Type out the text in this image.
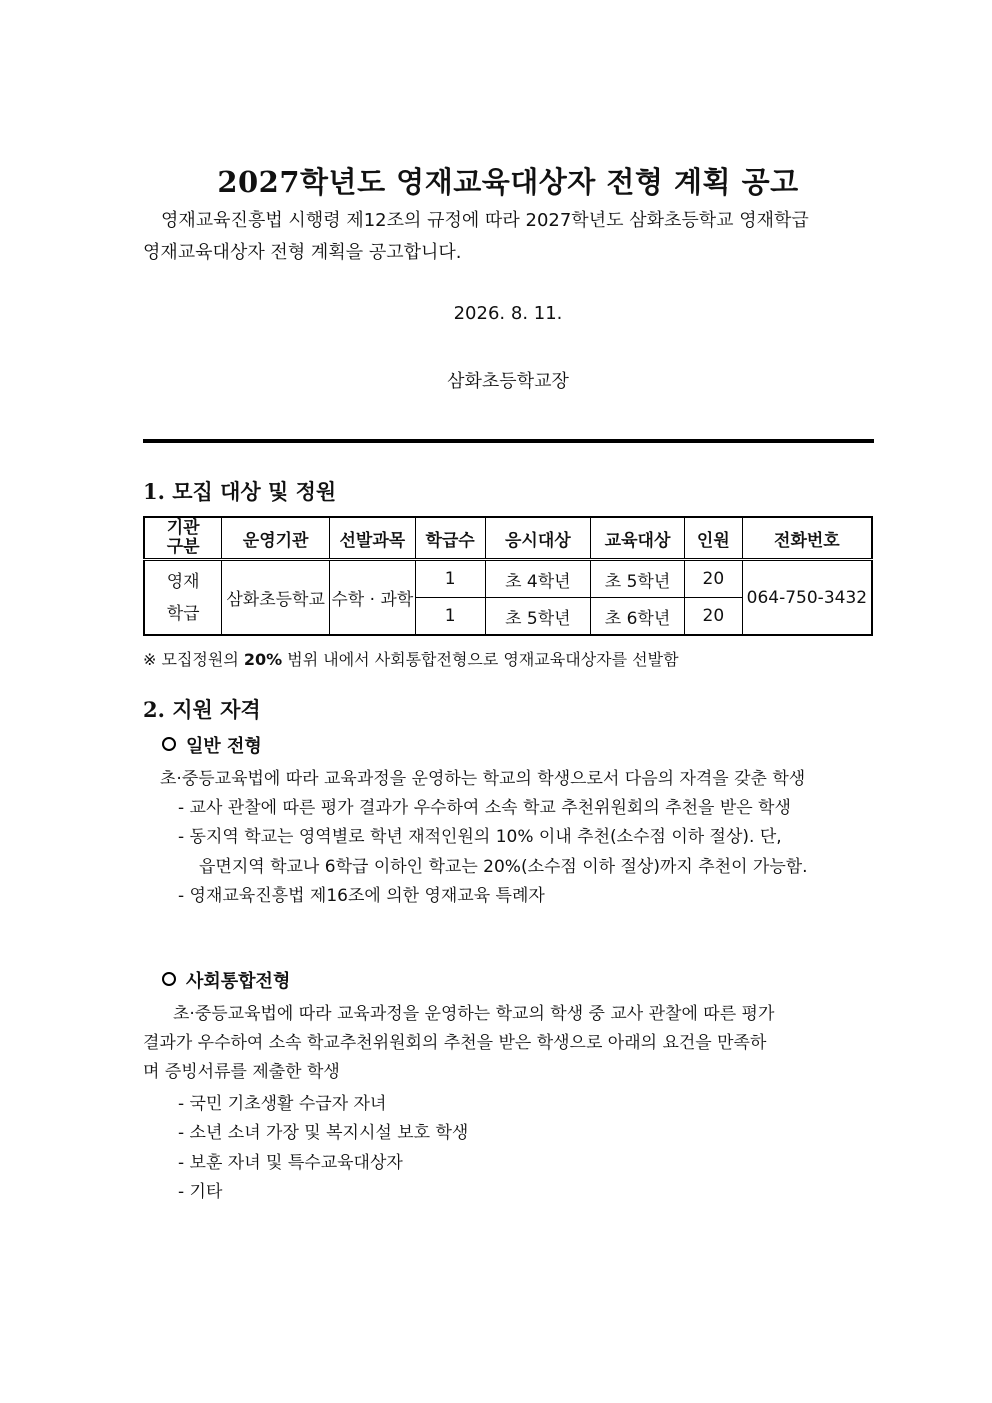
2027학년도 영재교육대상자 전형 계획 공고
영재교육진흥법 시행령 제12조의 규정에 따라 2027학년도 삼화초등학교 영재학급
영재교육대상자 전형 계획을 공고합니다.
2026. 8. 11.
삼화초등학교장
1. 모집 대상 및 정원
기관
구분	운영기관	선발과목	학급수	응시대상	교육대상	인원	전화번호
영재
학급	삼화초등학교	수학 · 과학	1	초 4학년	초 5학년	20	064-750-3432
			1	초 5학년	초 6학년	20	
※ 모집정원의 20% 범위 내에서 사회통합전형으로 영재교육대상자를 선발함
2. 지원 자격
일반 전형
초·중등교육법에 따라 교육과정을 운영하는 학교의 학생으로서 다음의 자격을 갖춘 학생
- 교사 관찰에 따른 평가 결과가 우수하여 소속 학교 추천위원회의 추천을 받은 학생
- 동지역 학교는 영역별로 학년 재적인원의 10% 이내 추천(소수점 이하 절상). 단,
읍면지역 학교나 6학급 이하인 학교는 20%(소수점 이하 절상)까지 추천이 가능함.
- 영재교육진흥법 제16조에 의한 영재교육 특례자
사회통합전형
초·중등교육법에 따라 교육과정을 운영하는 학교의 학생 중 교사 관찰에 따른 평가
결과가 우수하여 소속 학교추천위원회의 추천을 받은 학생으로 아래의 요건을 만족하
며 증빙서류를 제출한 학생
- 국민 기초생활 수급자 자녀
- 소년 소녀 가장 및 복지시설 보호 학생
- 보훈 자녀 및 특수교육대상자
- 기타
